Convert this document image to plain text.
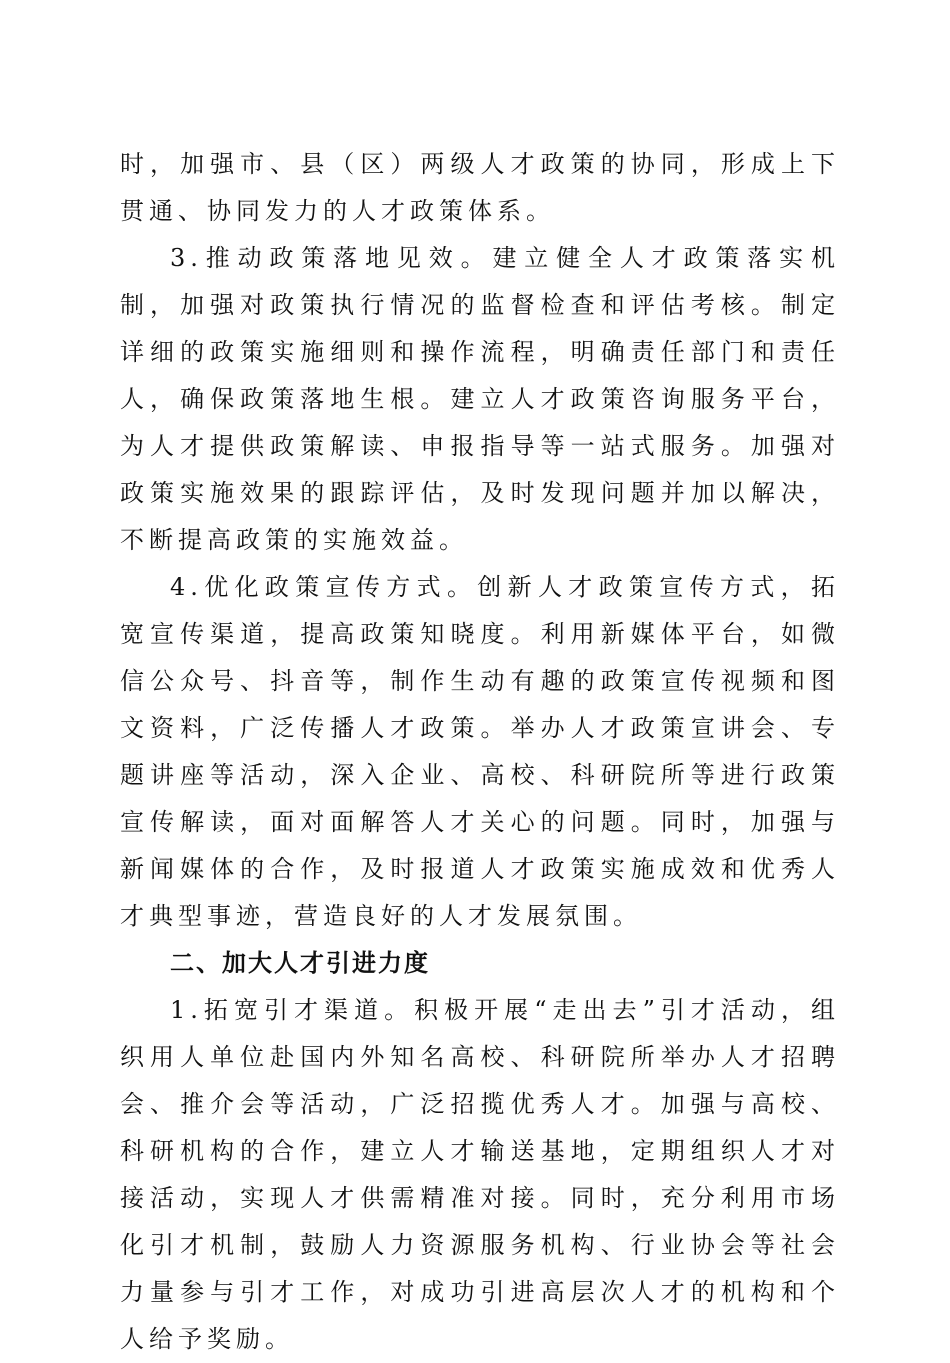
时，加强市、县（区）两级人才政策的协同，形成上下贯通、协同发力的人才政策体系。

3.推动政策落地见效。建立健全人才政策落实机制，加强对政策执行情况的监督检查和评估考核。制定详细的政策实施细则和操作流程，明确责任部门和责任人，确保政策落地生根。建立人才政策咨询服务平台，为人才提供政策解读、申报指导等一站式服务。加强对政策实施效果的跟踪评估，及时发现问题并加以解决，不断提高政策的实施效益。

4.优化政策宣传方式。创新人才政策宣传方式，拓宽宣传渠道，提高政策知晓度。利用新媒体平台，如微信公众号、抖音等，制作生动有趣的政策宣传视频和图文资料，广泛传播人才政策。举办人才政策宣讲会、专题讲座等活动，深入企业、高校、科研院所等进行政策宣传解读，面对面解答人才关心的问题。同时，加强与新闻媒体的合作，及时报道人才政策实施成效和优秀人才典型事迹，营造良好的人才发展氛围。

二、加大人才引进力度

1.拓宽引才渠道。积极开展“走出去”引才活动，组织用人单位赴国内外知名高校、科研院所举办人才招聘会、推介会等活动，广泛招揽优秀人才。加强与高校、科研机构的合作，建立人才输送基地，定期组织人才对接活动，实现人才供需精准对接。同时，充分利用市场化引才机制，鼓励人力资源服务机构、行业协会等社会力量参与引才工作，对成功引进高层次人才的机构和个人给予奖励。
